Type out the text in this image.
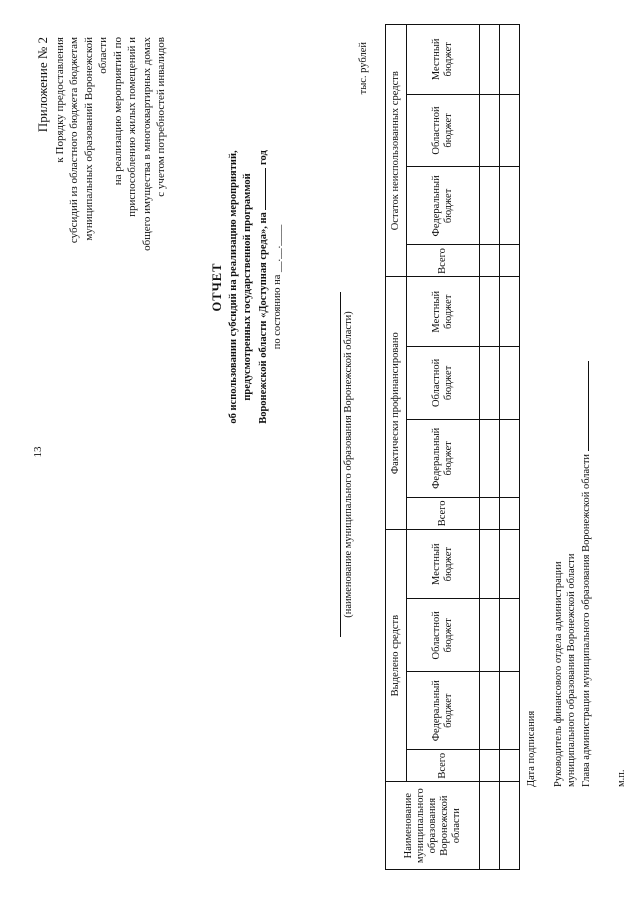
13
Приложение № 2 к Порядку предоставления субсидий из областного бюджета бюджетам муниципальных образований Воронежской области на реализацию мероприятий по приспособлению жилых помещений и общего имущества в многоквартирных домах с учетом потребностей инвалидов
ОТЧЕТ об использовании субсидий на реализацию мероприятий, предусмотренных государственной программой Воронежской области «Доступная среда», на  год
по состоянию на __.__.____
(наименование муниципального образования Воронежской области)
тыс. рублей
Наименование муниципального образования Воронежской области	Выделено средств				Фактически профинансировано				Остаток неиспользованных средств			
	Всего	Федеральный бюджет	Областной бюджет	Местный бюджет	Всего	Федеральный бюджет	Областной бюджет	Местный бюджет	Всего	Федеральный бюджет	Областной бюджет	Местный бюджет

Дата подписания Руководитель финансового отдела администрации муниципального образования Воронежской области Глава администрации муниципального образования Воронежской области м.п.
